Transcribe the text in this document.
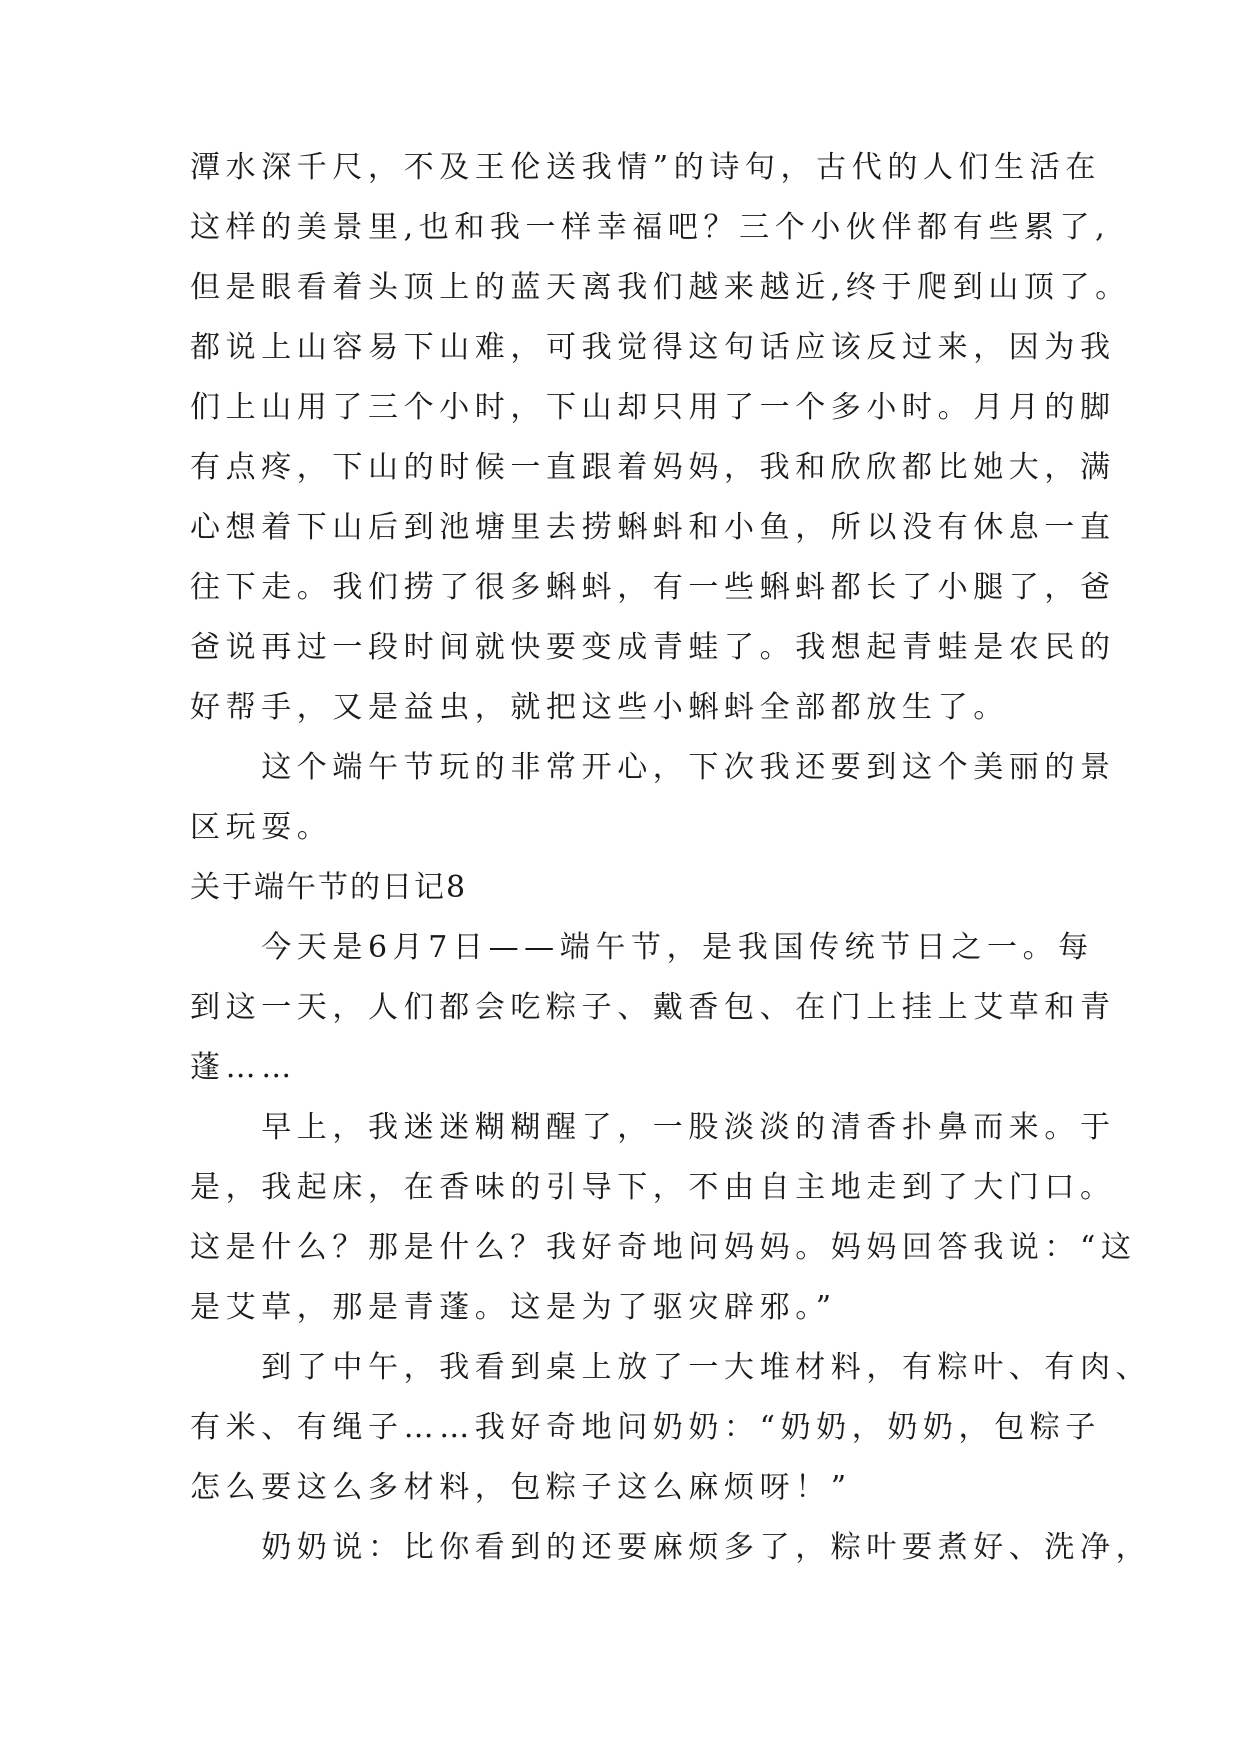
潭水深千尺，不及王伦送我情”的诗句，古代的人们生活在
这样的美景里,也和我一样幸福吧？三个小伙伴都有些累了,
但是眼看着头顶上的蓝天离我们越来越近,终于爬到山顶了。
都说上山容易下山难，可我觉得这句话应该反过来，因为我
们上山用了三个小时，下山却只用了一个多小时。月月的脚
有点疼，下山的时候一直跟着妈妈，我和欣欣都比她大，满
心想着下山后到池塘里去捞蝌蚪和小鱼，所以没有休息一直
往下走。我们捞了很多蝌蚪，有一些蝌蚪都长了小腿了，爸
爸说再过一段时间就快要变成青蛙了。我想起青蛙是农民的
好帮手，又是益虫，就把这些小蝌蚪全部都放生了。
　　这个端午节玩的非常开心，下次我还要到这个美丽的景
区玩耍。
关于端午节的日记8
　　今天是6月7日——端午节，是我国传统节日之一。每
到这一天，人们都会吃粽子、戴香包、在门上挂上艾草和青
蓬……
　　早上，我迷迷糊糊醒了，一股淡淡的清香扑鼻而来。于
是，我起床，在香味的引导下，不由自主地走到了大门口。
这是什么？那是什么？我好奇地问妈妈。妈妈回答我说：“这
是艾草，那是青蓬。这是为了驱灾辟邪。”
　　到了中午，我看到桌上放了一大堆材料，有粽叶、有肉、
有米、有绳子……我好奇地问奶奶：“奶奶，奶奶，包粽子
怎么要这么多材料，包粽子这么麻烦呀！”
　　奶奶说：比你看到的还要麻烦多了，粽叶要煮好、洗净，
